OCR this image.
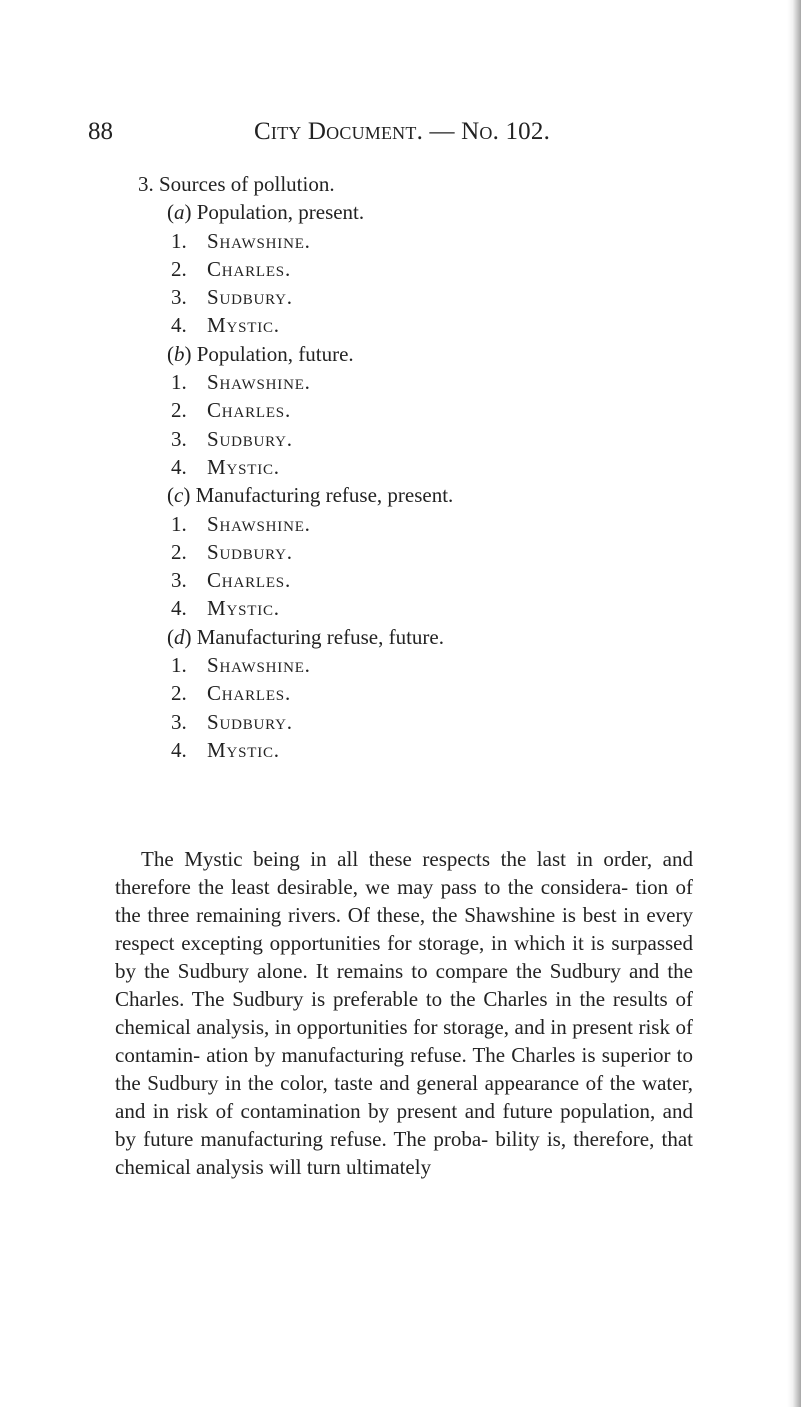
88	City Document. — No. 102.
3. Sources of pollution.
(a) Population, present.
1. Shawshine.
2. Charles.
3. Sudbury.
4. Mystic.
(b) Population, future.
1. Shawshine.
2. Charles.
3. Sudbury.
4. Mystic.
(c) Manufacturing refuse, present.
1. Shawshine.
2. Sudbury.
3. Charles.
4. Mystic.
(d) Manufacturing refuse, future.
1. Shawshine.
2. Charles.
3. Sudbury.
4. Mystic.

The Mystic being in all these respects the last in order, and therefore the least desirable, we may pass to the considera- tion of the three remaining rivers. Of these, the Shawshine is best in every respect excepting opportunities for storage, in which it is surpassed by the Sudbury alone. It remains to compare the Sudbury and the Charles. The Sudbury is preferable to the Charles in the results of chemical analysis, in opportunities for storage, and in present risk of contamin- ation by manufacturing refuse. The Charles is superior to the Sudbury in the color, taste and general appearance of the water, and in risk of contamination by present and future population, and by future manufacturing refuse. The proba- bility is, therefore, that chemical analysis will turn ultimately
